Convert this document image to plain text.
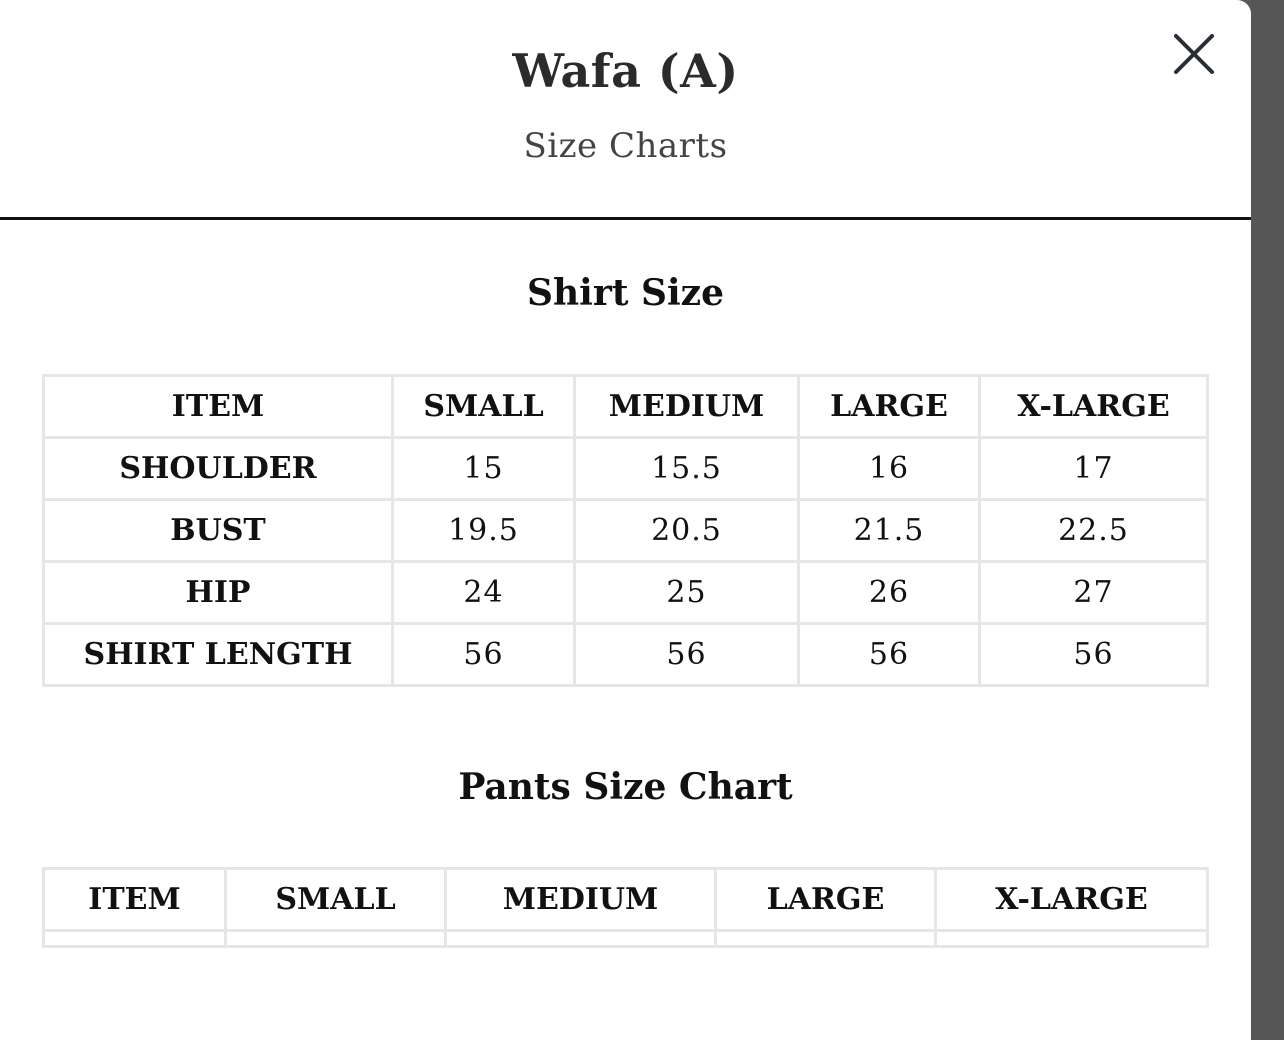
Wafa (A)
Size Charts
Shirt Size
ITEM	SMALL	MEDIUM	LARGE	X-LARGE
SHOULDER	15	15.5	16	17
BUST	19.5	20.5	21.5	22.5
HIP	24	25	26	27
SHIRT LENGTH	56	56	56	56
Pants Size Chart
ITEM	SMALL	MEDIUM	LARGE	X-LARGE
